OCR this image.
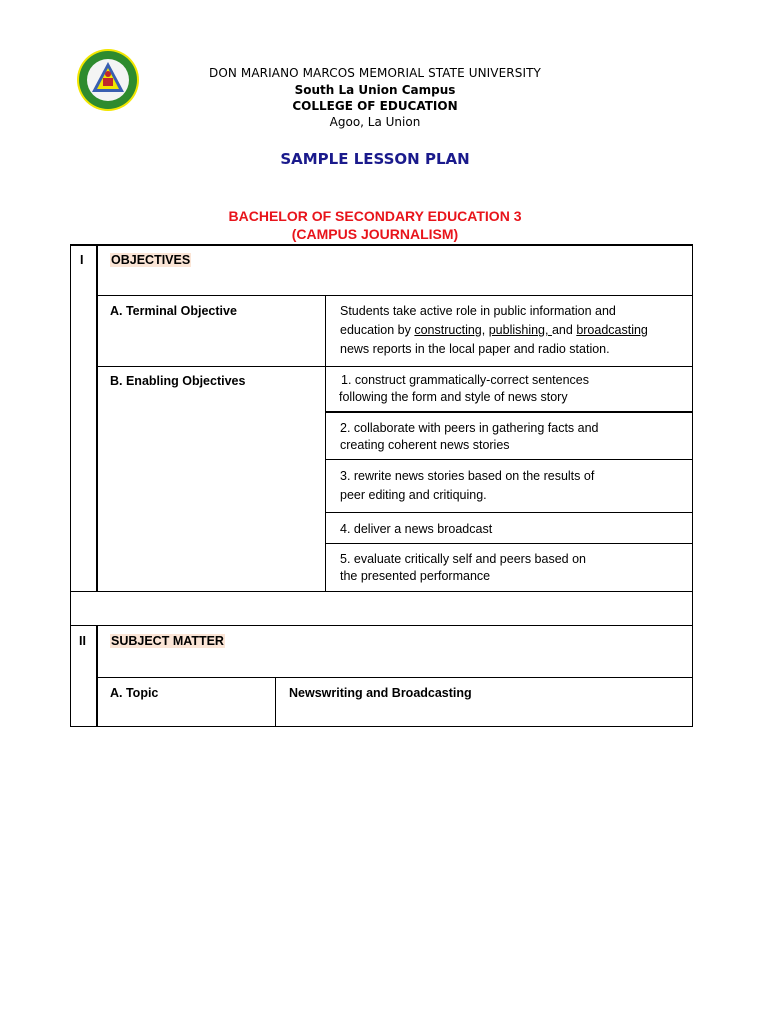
DON MARIANO MARCOS MEMORIAL STATE UNIVERSITY
South La Union Campus
COLLEGE OF EDUCATION
Agoo, La Union
SAMPLE LESSON PLAN
BACHELOR OF SECONDARY EDUCATION 3
(CAMPUS JOURNALISM)
I OBJECTIVES
A. Terminal Objective	Students take active role in public information and
education by constructing, publishing, and broadcasting
news reports in the local paper and radio station.
B. Enabling Objectives	1. construct grammatically-correct sentences
following the form and style of news story
2. collaborate with peers in gathering facts and
creating coherent news stories
3. rewrite news stories based on the results of
peer editing and critiquing.
4. deliver a news broadcast
5. evaluate critically self and peers based on
the presented performance
II SUBJECT MATTER
A. Topic	Newswriting and Broadcasting
